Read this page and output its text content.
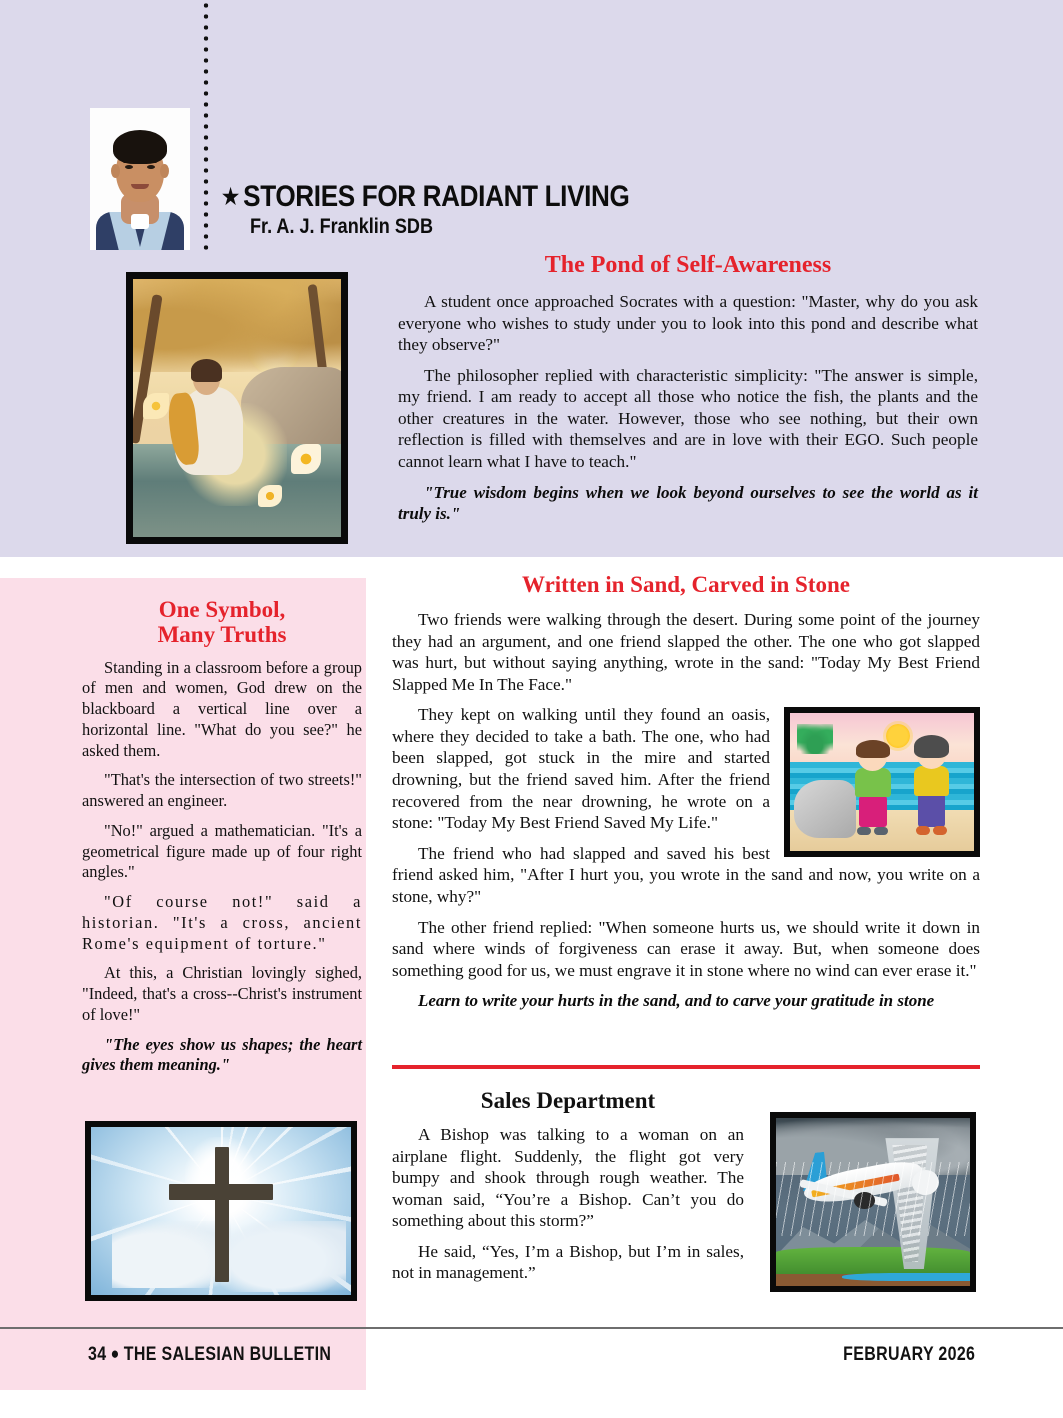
★ STORIES FOR RADIANT LIVING
Fr. A. J. Franklin SDB
The Pond of Self-Awareness

A student once approached Socrates with a question: "Master, why do you ask everyone who wishes to study under you to look into this pond and describe what they observe?"

The philosopher replied with characteristic simplicity: "The answer is simple, my friend. I am ready to accept all those who notice the fish, the plants and the other creatures in the water. However, those who see nothing, but their own reflection is filled with themselves and are in love with their EGO. Such people cannot learn what I have to teach."

"True wisdom begins when we look beyond ourselves to see the world as it truly is."

One Symbol,
Many Truths

Standing in a classroom before a group of men and women, God drew on the blackboard a vertical line over a horizontal line. "What do you see?" he asked them.

"That's the intersection of two streets!" answered an engineer.

"No!" argued a mathematician. "It's a geometrical figure made up of four right angles."

"Of course not!" said a historian. "It's a cross, ancient Rome's equipment of torture."

At this, a Christian lovingly sighed, "Indeed, that's a cross--Christ's instrument of love!"

"The eyes show us shapes; the heart gives them meaning."

Written in Sand, Carved in Stone

Two friends were walking through the desert. During some point of the journey they had an argument, and one friend slapped the other. The one who got slapped was hurt, but without saying anything, wrote in the sand: "Today My Best Friend Slapped Me In The Face."

They kept on walking until they found an oasis, where they decided to take a bath. The one, who had been slapped, got stuck in the mire and started drowning, but the friend saved him. After the friend recovered from the near drowning, he wrote on a stone: "Today My Best Friend Saved My Life."

The friend who had slapped and saved his best friend asked him, "After I hurt you, you wrote in the sand and now, you write on a stone, why?"

The other friend replied: "When someone hurts us, we should write it down in sand where winds of forgiveness can erase it away. But, when someone does something good for us, we must engrave it in stone where no wind can ever erase it."

Learn to write your hurts in the sand, and to carve your gratitude in stone

Sales Department

A Bishop was talking to a woman on an airplane flight. Suddenly, the flight got very bumpy and shook through rough weather. The woman said, “You’re a Bishop. Can’t you do something about this storm?”

He said, “Yes, I’m a Bishop, but I’m in sales, not in management.”

34 ● THE SALESIAN BULLETIN	FEBRUARY 2026
